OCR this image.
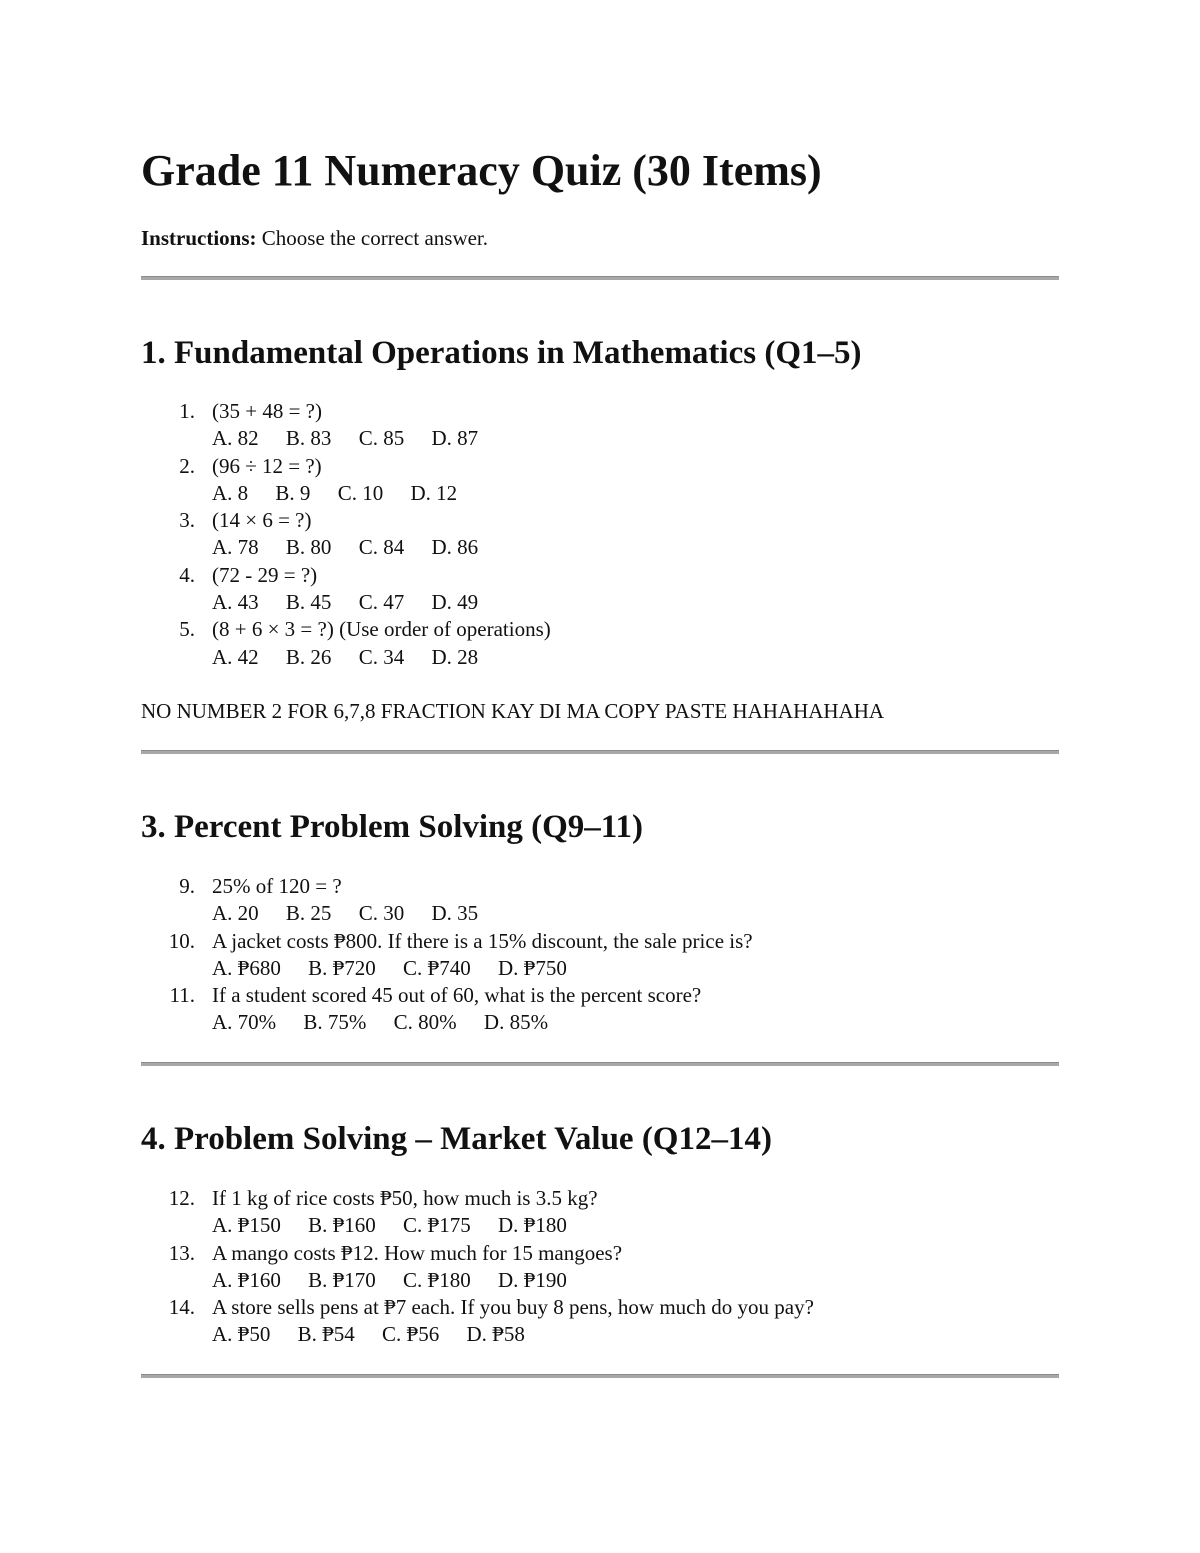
Grade 11 Numeracy Quiz (30 Items)
Instructions: Choose the correct answer.
1. Fundamental Operations in Mathematics (Q1–5)
1. (35 + 48 = ?)
A. 82 B. 83 C. 85 D. 87
2. (96 ÷ 12 = ?)
A. 8 B. 9 C. 10 D. 12
3. (14 × 6 = ?)
A. 78 B. 80 C. 84 D. 86
4. (72 - 29 = ?)
A. 43 B. 45 C. 47 D. 49
5. (8 + 6 × 3 = ?) (Use order of operations)
A. 42 B. 26 C. 34 D. 28
NO NUMBER 2 FOR 6,7,8 FRACTION KAY DI MA COPY PASTE HAHAHAHAHA
3. Percent Problem Solving (Q9–11)
9. 25% of 120 = ?
A. 20 B. 25 C. 30 D. 35
10. A jacket costs ₱800. If there is a 15% discount, the sale price is?
A. ₱680 B. ₱720 C. ₱740 D. ₱750
11. If a student scored 45 out of 60, what is the percent score?
A. 70% B. 75% C. 80% D. 85%
4. Problem Solving – Market Value (Q12–14)
12. If 1 kg of rice costs ₱50, how much is 3.5 kg?
A. ₱150 B. ₱160 C. ₱175 D. ₱180
13. A mango costs ₱12. How much for 15 mangoes?
A. ₱160 B. ₱170 C. ₱180 D. ₱190
14. A store sells pens at ₱7 each. If you buy 8 pens, how much do you pay?
A. ₱50 B. ₱54 C. ₱56 D. ₱58
